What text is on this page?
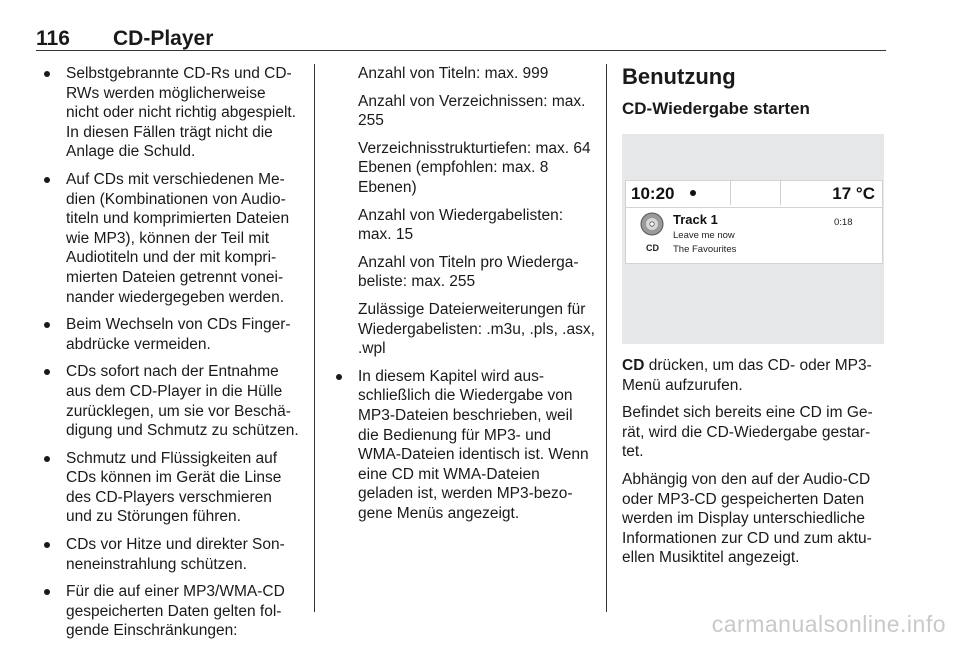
116 CD-Player
Selbstgebrannte CD-Rs und CD-RWs werden möglicherweise nicht oder nicht richtig abgespielt. In diesen Fällen trägt nicht die Anlage die Schuld.
Auf CDs mit verschiedenen Medien (Kombinationen von Audiotiteln und komprimierten Dateien wie MP3), können der Teil mit Audiotiteln und der mit komprimierten Dateien getrennt voneinander wiedergegeben werden.
Beim Wechseln von CDs Fingerabdrücke vermeiden.
CDs sofort nach der Entnahme aus dem CD-Player in die Hülle zurücklegen, um sie vor Beschädigung und Schmutz zu schützen.
Schmutz und Flüssigkeiten auf CDs können im Gerät die Linse des CD-Players verschmieren und zu Störungen führen.
CDs vor Hitze und direkter Sonneneinstrahlung schützen.
Für die auf einer MP3/WMA-CD gespeicherten Daten gelten folgende Einschränkungen:

Anzahl von Titeln: max. 999

Anzahl von Verzeichnissen: max. 255

Verzeichnisstrukturtiefen: max. 64 Ebenen (empfohlen: max. 8 Ebenen)

Anzahl von Wiedergabelisten: max. 15

Anzahl von Titeln pro Wiedergabeliste: max. 255

Zulässige Dateierweiterungen für Wiedergabelisten: .m3u, .pls, .asx, .wpl

In diesem Kapitel wird ausschließlich die Wiedergabe von MP3-Dateien beschrieben, weil die Bedienung für MP3- und WMA-Dateien identisch ist. Wenn eine CD mit WMA-Dateien geladen ist, werden MP3-bezogene Menüs angezeigt.
Benutzung
CD-Wiedergabe starten
10:20	17 °C
CD
Track 1
Leave me now
The Favourites
0:18

CD drücken, um das CD- oder MP3-Menü aufzurufen.

Befindet sich bereits eine CD im Gerät, wird die CD-Wiedergabe gestartet.

Abhängig von den auf der Audio-CD oder MP3-CD gespeicherten Daten werden im Display unterschiedliche Informationen zur CD und zum aktuellen Musiktitel angezeigt.

carmanualsonline.info
